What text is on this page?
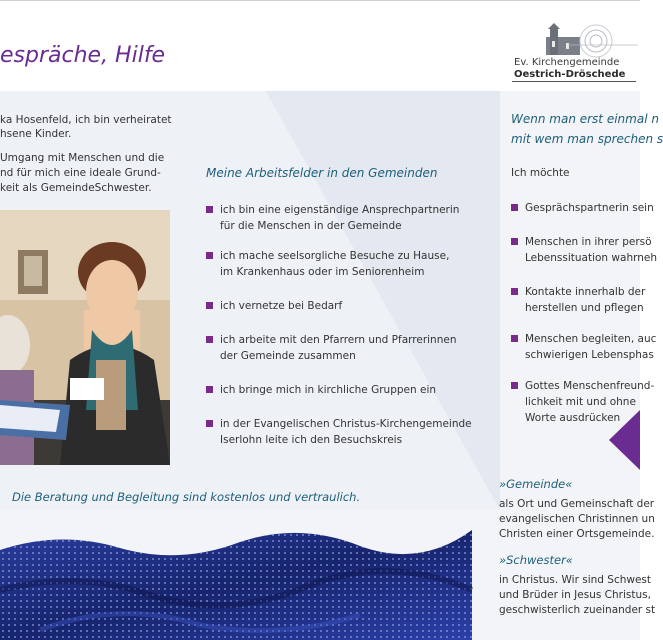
espräche, Hilfe	Ev. Kirchengemeinde
Oestrich-Dröschede
ka Hosenfeld, ich bin verheiratet
hsene Kinder.
Umgang mit Menschen und die
nd für mich eine ideale Grund-
keit als GemeindeSchwester.
Meine Arbeitsfelder in den Gemeinden
ich bin eine eigenständige Ansprechpartnerin
für die Menschen in der Gemeinde
ich mache seelsorgliche Besuche zu Hause,
im Krankenhaus oder im Seniorenheim
ich vernetze bei Bedarf
ich arbeite mit den Pfarrern und Pfarrerinnen
der Gemeinde zusammen
ich bringe mich in kirchliche Gruppen ein
in der Evangelischen Christus-Kirchengemeinde
Iserlohn leite ich den Besuchskreis
Die Beratung und Begleitung sind kostenlos und vertraulich.
Wenn man erst einmal n
mit wem man sprechen s
Ich möchte
Gesprächspartnerin sein
Menschen in ihrer persö
Lebenssituation wahrneh
Kontakte innerhalb der
herstellen und pflegen
Menschen begleiten, auc
schwierigen Lebensphas
Gottes Menschenfreund-
lichkeit mit und ohne
Worte ausdrücken
»Gemeinde«
als Ort und Gemeinschaft der
evangelischen Christinnen un
Christen einer Ortsgemeinde.
»Schwester«
in Christus. Wir sind Schwest
und Brüder in Jesus Christus,
geschwisterlich zueinander st
